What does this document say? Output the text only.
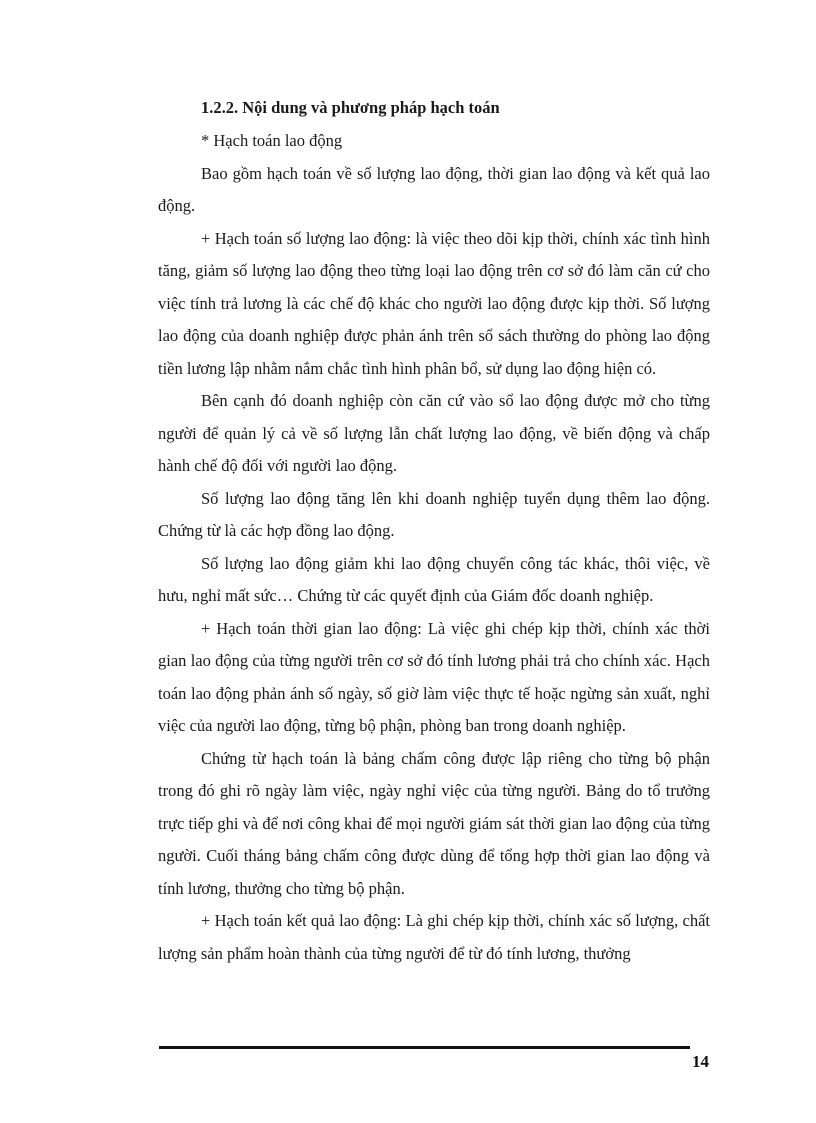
1.2.2. Nội dung và phương pháp hạch toán

* Hạch toán lao động

Bao gồm hạch toán về số lượng lao động, thời gian lao động và kết quả lao động.

+ Hạch toán số lượng lao động: là việc theo dõi kịp thời, chính xác tình hình tăng, giảm số lượng lao động theo từng loại lao động trên cơ sở đó làm căn cứ cho việc tính trả lương là các chế độ khác cho người lao động được kịp thời. Số lượng lao động của doanh nghiệp được phản ánh trên sổ sách thường do phòng lao động tiền lương lập nhằm nắm chắc tình hình phân bổ, sử dụng lao động hiện có.

Bên cạnh đó doanh nghiệp còn căn cứ vào sổ lao động được mở cho từng người để quản lý cả về số lượng lẫn chất lượng lao động, về biến động và chấp hành chế độ đối với người lao động.

Số lượng lao động tăng lên khi doanh nghiệp tuyển dụng thêm lao động. Chứng từ là các hợp đồng lao động.

Số lượng lao động giảm khi lao động chuyển công tác khác, thôi việc, về hưu, nghỉ mất sức… Chứng từ các quyết định của Giám đốc doanh nghiệp.

+ Hạch toán thời gian lao động: Là việc ghi chép kịp thời, chính xác thời gian lao động của từng người trên cơ sở đó tính lương phải trả cho chính xác. Hạch toán lao động phản ánh số ngày, số giờ làm việc thực tế hoặc ngừng sản xuất, nghỉ việc của người lao động, từng bộ phận, phòng ban trong doanh nghiệp.

Chứng từ hạch toán là bảng chấm công được lập riêng cho từng bộ phận trong đó ghi rõ ngày làm việc, ngày nghỉ việc của từng người. Bảng do tổ trưởng trực tiếp ghi và để nơi công khai để mọi người giám sát thời gian lao động của từng người. Cuối tháng bảng chấm công được dùng để tổng hợp thời gian lao động và tính lương, thưởng cho từng bộ phận.

+ Hạch toán kết quả lao động: Là ghi chép kịp thời, chính xác số lượng, chất lượng sản phẩm hoàn thành của từng người để từ đó tính lương, thưởng

14
